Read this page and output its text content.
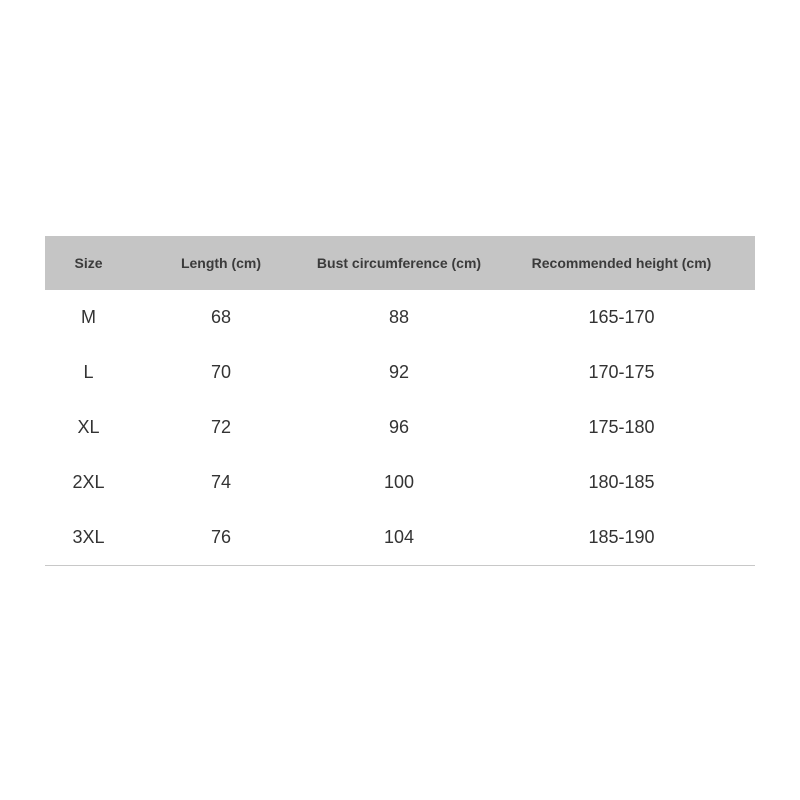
Size	Length (cm)	Bust circumference (cm)	Recommended height (cm)
M	68	88	165-170
L	70	92	170-175
XL	72	96	175-180
2XL	74	100	180-185
3XL	76	104	185-190
